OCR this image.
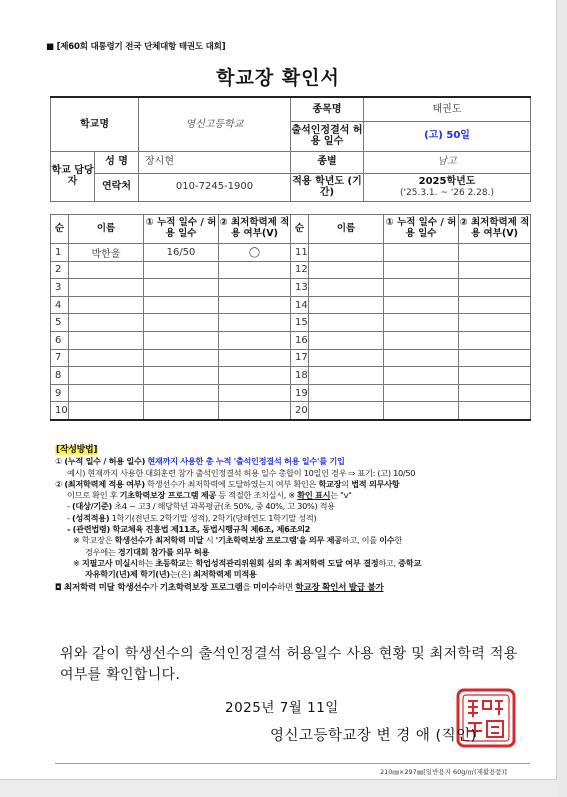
■ [제60회 대통령기 전국 단체대항 태권도 대회]
학교장 확인서
학교명		영신고등학교	종목명	태권도
			출석인정결석 허용 일수	(고) 50일
학교 담당자	성 명	장시현	종별	남고
	연락처	010-7245-1900	적용 학년도 (기간)	2025학년도
('25.3.1. ~ '26 2.28.)
순	이름	① 누적 일수 / 허용 일수	② 최저학력제 적용 여부(V)	순	이름	① 누적 일수 / 허용 일수	② 최저학력제 적용 여부(V)
1	박한울	16/50	◯	11			
2				12			
3				13			
4				14			
5				15			
6				16			
7				17			
8				18			
9				19			
10				20			
[작성방법]
① (누적 일수 / 허용 일수) 현재까지 사용한 총 누적 '출석인정결석 허용 일수'를 기입
예시) 현재까지 사용한 대회훈련 참가 출석인정결석 허용 일수 총합이 10일인 경우 ⇨ 표기: (고) 10/50
② (최저학력제 적용 여부) 학생선수가 최저학력에 도달하였는지 여부 확인은 학교장의 법적 의무사항
이므로 확인 후 기초학력보장 프로그램 제공 등 적절한 조치실시, ※ 확인 표시는 "v"
- (대상/기준) 초4 ~ 고3 / 해당학년 과목평균(초 50%, 중 40%, 고 30%) 적용
- (성적적용) 1학기(전년도 2학기말 성적), 2학기(당해연도 1학기말 성적)
- (관련법령) 학교체육 진흥법 제11조, 동법시행규칙 제6조, 제6조의2
※ 학교장은 학생선수가 최저학력 미달 시 '기초학력보장 프로그램'을 의무 제공하고, 이를 이수한
경우에는 경기대회 참가를 의무 허용
※ 지필고사 미실시하는 초등학교는 학업성적관리위원회 심의 후 최저학력 도달 여부 결정하고, 중학교
자유학기(년)제 학기(년)는(은) 최저학력제 미적용
◘ 최저학력 미달 학생선수가 기초학력보장 프로그램을 미이수하면 학교장 확인서 발급 불가
위와 같이 학생선수의 출석인정결석 허용일수 사용 현황 및 최저학력 적용 여부를 확인합니다.
2025년 7월 11일
영신고등학교장 변 경 애 (직인)
210㎜×297㎜[일반용지 60g/㎡(재활용품)]
